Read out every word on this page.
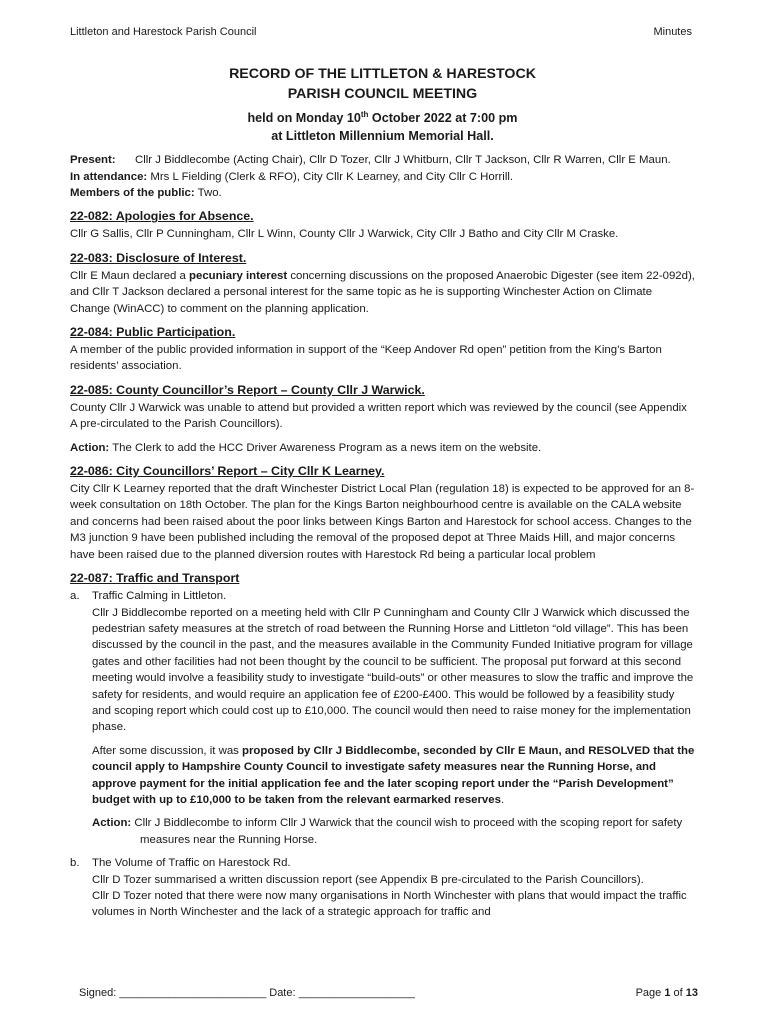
Littleton and Harestock Parish Council	Minutes
RECORD OF THE LITTLETON & HARESTOCK
PARISH COUNCIL MEETING
held on Monday 10th October 2022 at 7:00 pm
at Littleton Millennium Memorial Hall.
Present:	Cllr J Biddlecombe (Acting Chair), Cllr D Tozer, Cllr J Whitburn, Cllr T Jackson, Cllr R Warren, Cllr E Maun.

In attendance: Mrs L Fielding (Clerk & RFO), City Cllr K Learney, and City Cllr C Horrill.

Members of the public: Two.

22-082: Apologies for Absence.

Cllr G Sallis, Cllr P Cunningham, Cllr L Winn, County Cllr J Warwick, City Cllr J Batho and City Cllr M Craske.

22-083: Disclosure of Interest.

Cllr E Maun declared a pecuniary interest concerning discussions on the proposed Anaerobic Digester (see item 22-092d), and Cllr T Jackson declared a personal interest for the same topic as he is supporting Winchester Action on Climate Change (WinACC) to comment on the planning application.

22-084: Public Participation.

A member of the public provided information in support of the “Keep Andover Rd open” petition from the King’s Barton residents’ association.

22-085: County Councillor’s Report – County Cllr J Warwick.

County Cllr J Warwick was unable to attend but provided a written report which was reviewed by the council (see Appendix A pre-circulated to the Parish Councillors).

Action: The Clerk to add the HCC Driver Awareness Program as a news item on the website.

22-086: City Councillors’ Report – City Cllr K Learney.

City Cllr K Learney reported that the draft Winchester District Local Plan (regulation 18) is expected to be approved for an 8-week consultation on 18th October. The plan for the Kings Barton neighbourhood centre is available on the CALA website and concerns had been raised about the poor links between Kings Barton and Harestock for school access. Changes to the M3 junction 9 have been published including the removal of the proposed depot at Three Maids Hill, and major concerns have been raised due to the planned diversion routes with Harestock Rd being a particular local problem

22-087: Traffic and Transport
a.	Traffic Calming in Littleton.

Cllr J Biddlecombe reported on a meeting held with Cllr P Cunningham and County Cllr J Warwick which discussed the pedestrian safety measures at the stretch of road between the Running Horse and Littleton “old village”. This has been discussed by the council in the past, and the measures available in the Community Funded Initiative program for village gates and other facilities had not been thought by the council to be sufficient. The proposal put forward at this second meeting would involve a feasibility study to investigate “build-outs” or other measures to slow the traffic and improve the safety for residents, and would require an application fee of £200-£400. This would be followed by a feasibility study and scoping report which could cost up to £10,000. The council would then need to raise money for the implementation phase.

After some discussion, it was proposed by Cllr J Biddlecombe, seconded by Cllr E Maun, and RESOLVED that the council apply to Hampshire County Council to investigate safety measures near the Running Horse, and approve payment for the initial application fee and the later scoping report under the “Parish Development” budget with up to £10,000 to be taken from the relevant earmarked reserves.

Action: Cllr J Biddlecombe to inform Cllr J Warwick that the council wish to proceed with the scoping report for safety measures near the Running Horse.

b.	The Volume of Traffic on Harestock Rd.

Cllr D Tozer summarised a written discussion report (see Appendix B pre-circulated to the Parish Councillors).

Cllr D Tozer noted that there were now many organisations in North Winchester with plans that would impact the traffic volumes in North Winchester and the lack of a strategic approach for traffic and

Signed: ________________________ Date: ___________________	Page 1 of 13
